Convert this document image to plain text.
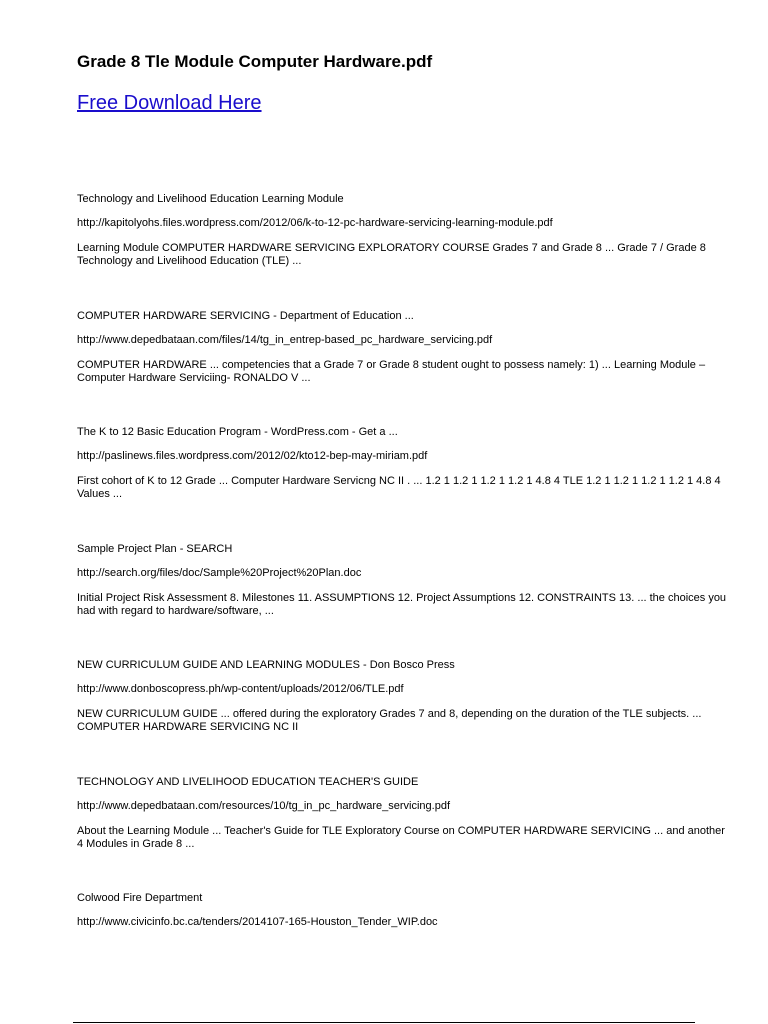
Grade 8 Tle Module Computer Hardware.pdf
Free Download Here

Technology and Livelihood Education Learning Module

http://kapitolyohs.files.wordpress.com/2012/06/k-to-12-pc-hardware-servicing-learning-module.pdf

Learning Module COMPUTER HARDWARE SERVICING EXPLORATORY COURSE Grades 7 and Grade 8 ... Grade 7 / Grade 8 Technology and Livelihood Education (TLE) ...

COMPUTER HARDWARE SERVICING - Department of Education ...

http://www.depedbataan.com/files/14/tg_in_entrep-based_pc_hardware_servicing.pdf

COMPUTER HARDWARE ... competencies that a Grade 7 or Grade 8 student ought to possess namely: 1) ... Learning Module –Computer Hardware Serviciing- RONALDO V ...

The K to 12 Basic Education Program - WordPress.com - Get a ...

http://paslinews.files.wordpress.com/2012/02/kto12-bep-may-miriam.pdf

First cohort of K to 12 Grade ... Computer Hardware Servicng NC II . ... 1.2 1 1.2 1 1.2 1 1.2 1 4.8 4 TLE 1.2 1 1.2 1 1.2 1 1.2 1 4.8 4 Values ...

Sample Project Plan - SEARCH

http://search.org/files/doc/Sample%20Project%20Plan.doc

Initial Project Risk Assessment 8. Milestones 11. ASSUMPTIONS 12. Project Assumptions 12. CONSTRAINTS 13. ... the choices you had with regard to hardware/software, ...

NEW CURRICULUM GUIDE AND LEARNING MODULES - Don Bosco Press

http://www.donboscopress.ph/wp-content/uploads/2012/06/TLE.pdf

NEW CURRICULUM GUIDE ... offered during the exploratory Grades 7 and 8, depending on the duration of the TLE subjects. ... COMPUTER HARDWARE SERVICING NC II

TECHNOLOGY AND LIVELIHOOD EDUCATION TEACHER'S GUIDE

http://www.depedbataan.com/resources/10/tg_in_pc_hardware_servicing.pdf

About the Learning Module ... Teacher's Guide for TLE Exploratory Course on COMPUTER HARDWARE SERVICING ... and another 4 Modules in Grade 8 ...

Colwood Fire Department

http://www.civicinfo.bc.ca/tenders/2014107-165-Houston_Tender_WIP.doc
